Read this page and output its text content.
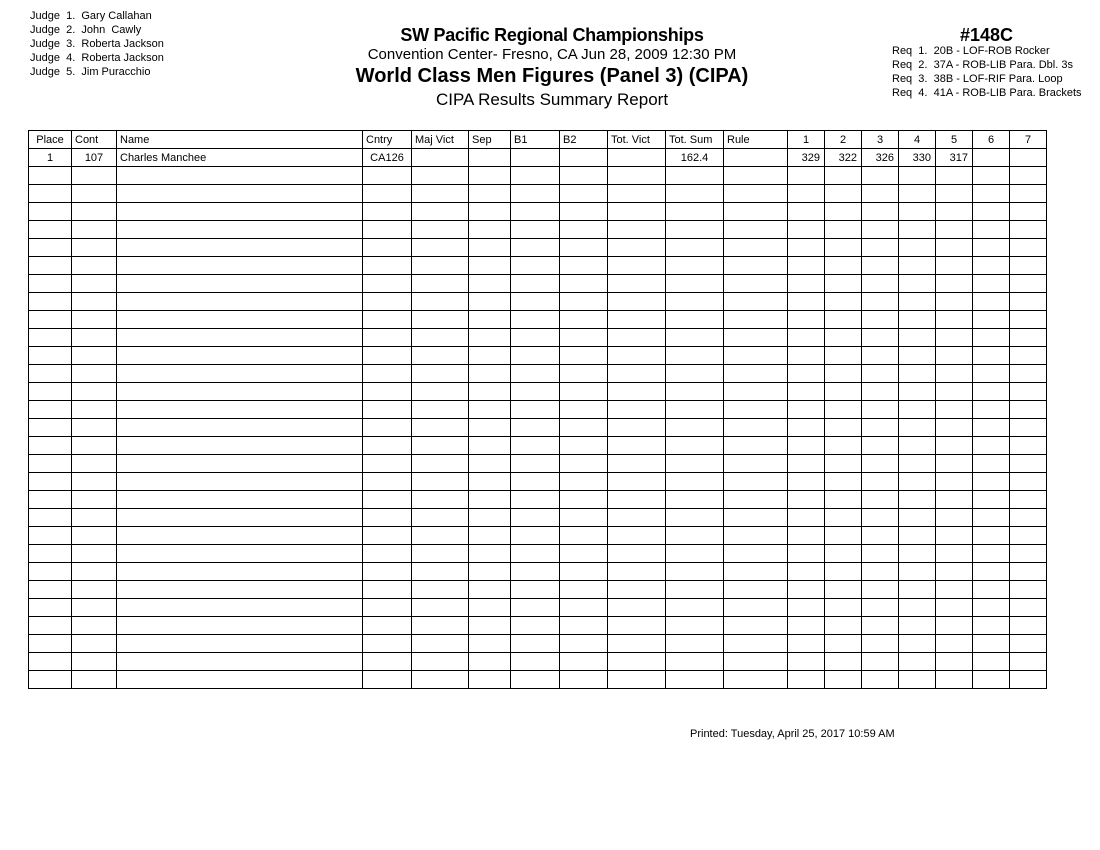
Judge  1.  Gary Callahan
Judge  2.  John  Cawly
Judge  3.  Roberta Jackson
Judge  4.  Roberta Jackson
Judge  5.  Jim Puracchio
SW Pacific Regional Championships
Convention Center- Fresno, CA Jun 28, 2009 12:30 PM
World Class Men Figures (Panel 3) (CIPA)
CIPA Results Summary Report
#148C
Req  1.  20B - LOF-ROB Rocker
Req  2.  37A - ROB-LIB Para. Dbl. 3s
Req  3.  38B - LOF-RIF Para. Loop
Req  4.  41A - ROB-LIB Para. Brackets
Place	Cont	Name	Cntry	Maj Vict	Sep	B1	B2	Tot. Vict	Tot. Sum	Rule	1	2	3	4	5	6	7
1	107	Charles Manchee	CA126						162.4		329	322	326	330	317		

Printed: Tuesday, April 25, 2017 10:59 AM
